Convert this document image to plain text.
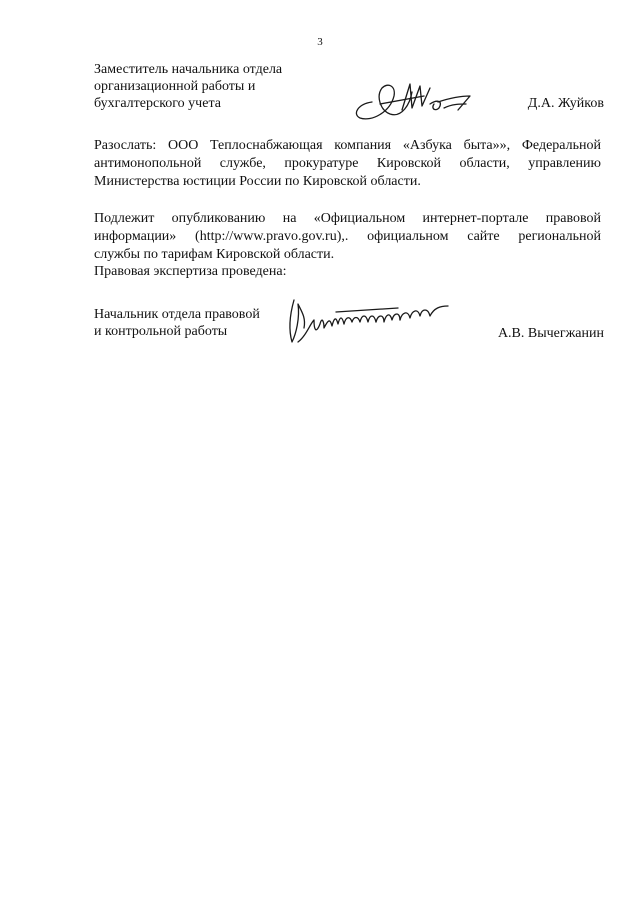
3
Заместитель начальника отдела
организационной работы и
бухгалтерского учета	Д.А. Жуйков
Разослать: ООО Теплоснабжающая компания «Азбука быта»», Федеральной
антимонопольной службе, прокуратуре Кировской области, управлению
Министерства юстиции России по Кировской области.
Подлежит опубликованию на «Официальном интернет-портале правовой
информации» (http://www.pravo.gov.ru),. официальном сайте региональной
службы по тарифам Кировской области.
Правовая экспертиза проведена:
Начальник отдела правовой
и контрольной работы	А.В. Вычегжанин
